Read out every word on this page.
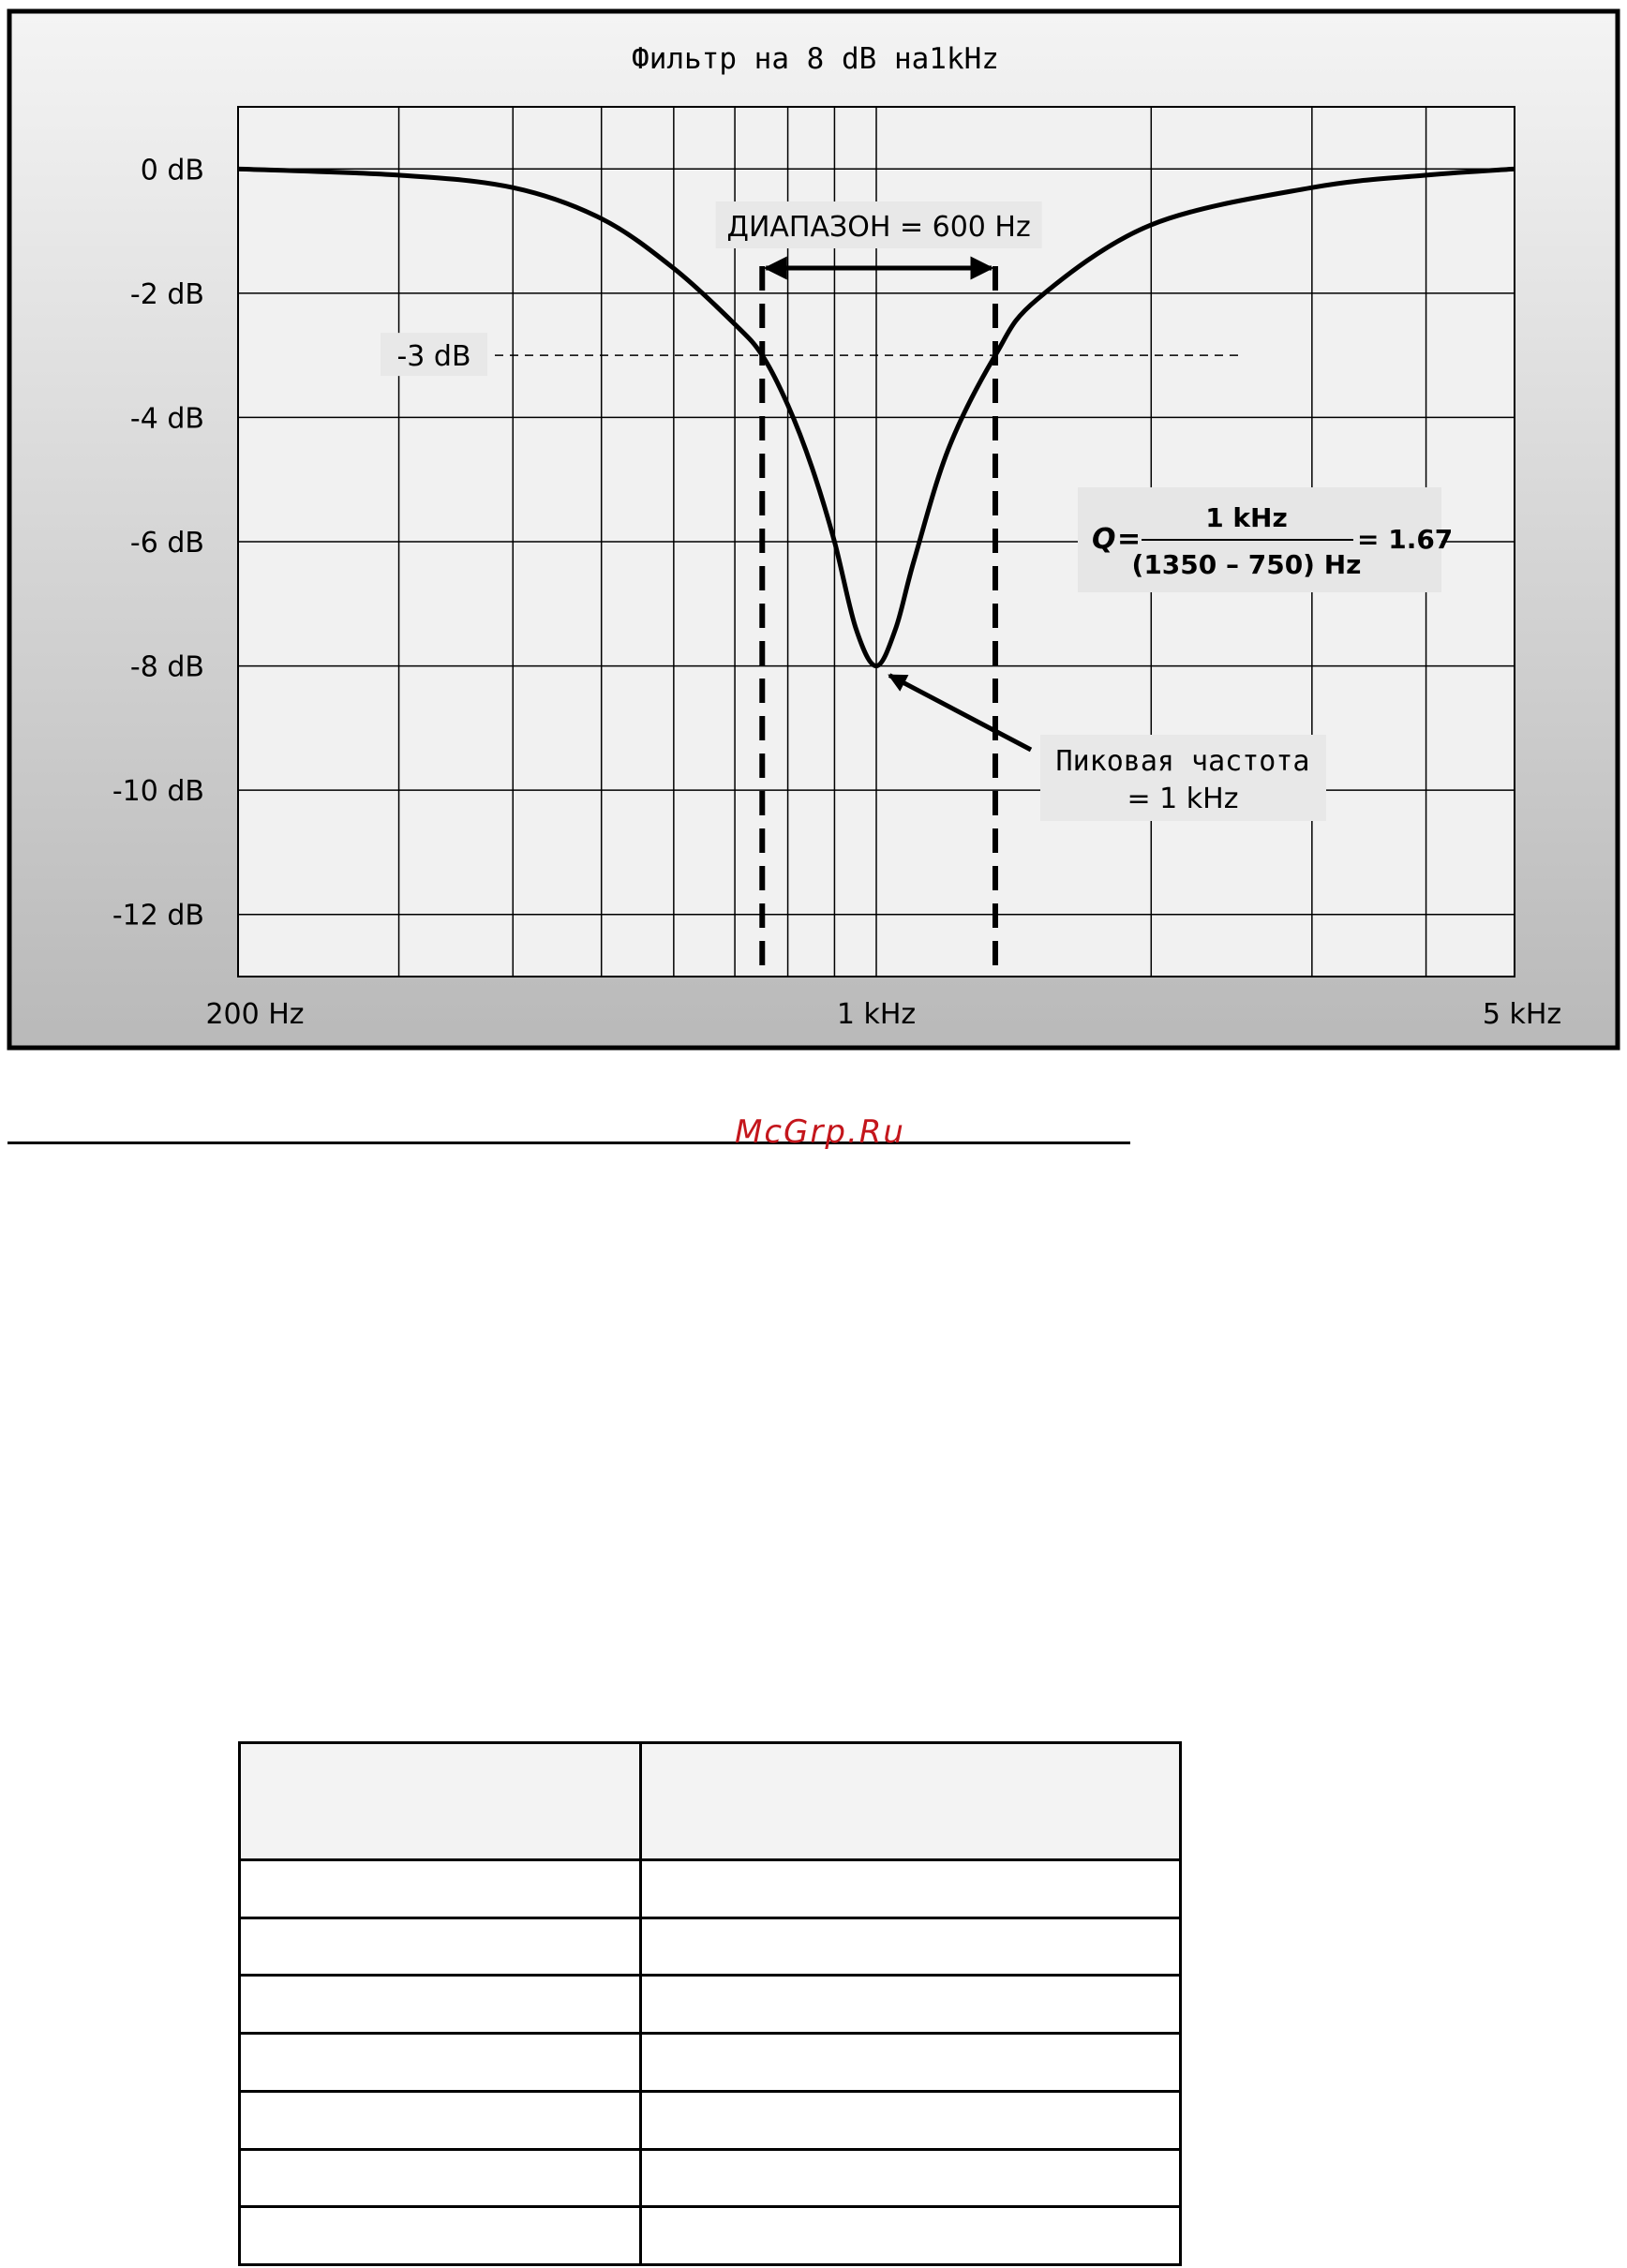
Фильтр на 8 dB на1kHz
0 dB
-2 dB
-4 dB
-6 dB
-8 dB
-10 dB
-12 dB
200 Hz	1 kHz	5 kHz
-3 dB
ДИАПАЗОН = 600 Hz
Q =
1 kHz
(1350 – 750) Hz
= 1.67
Пиковая частота
= 1 kHz
McGrp.Ru
